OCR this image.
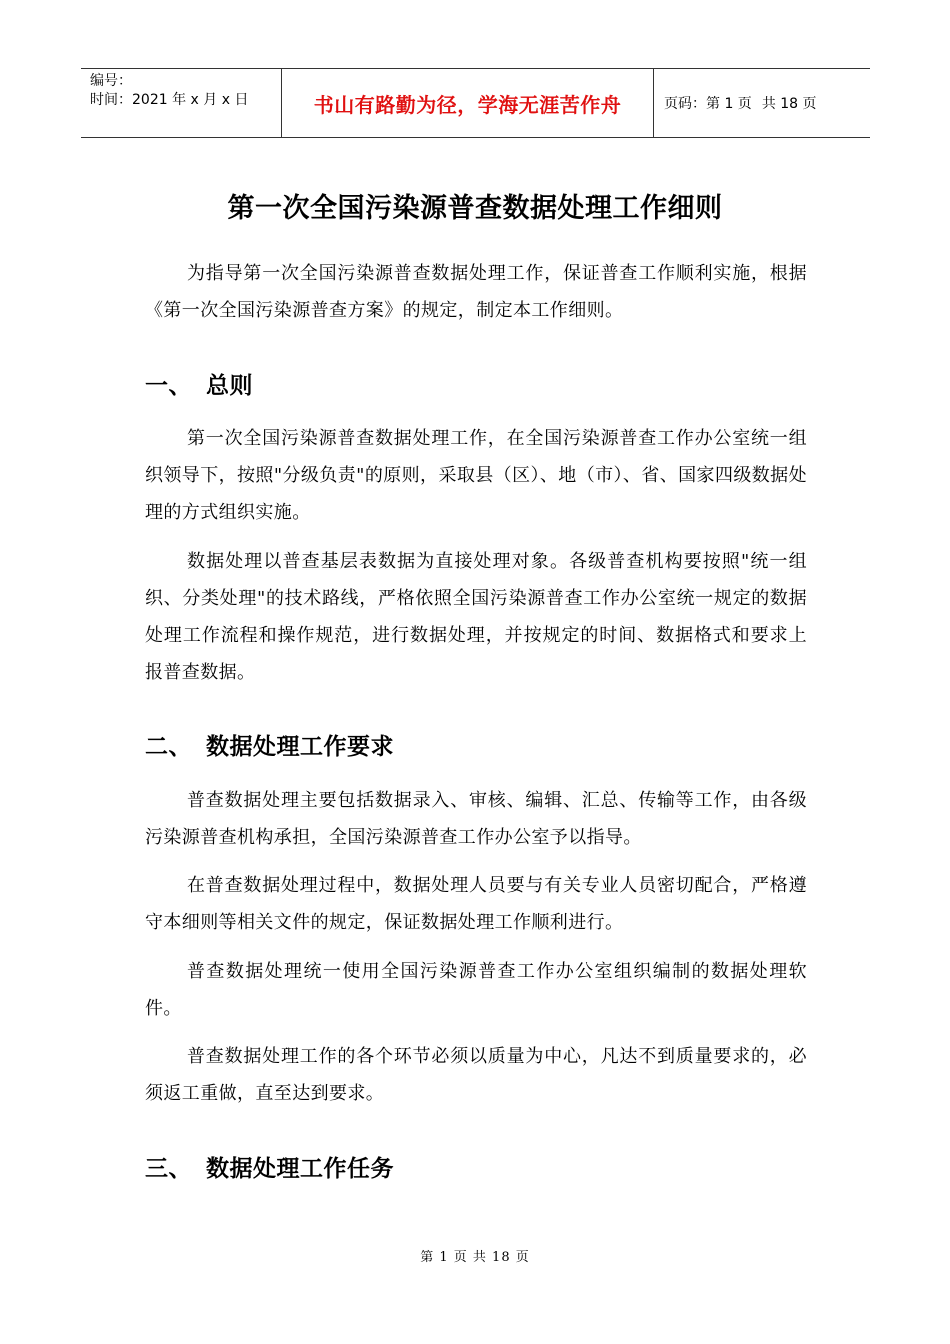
编号：
时间：2021 年 x 月 x 日	书山有路勤为径，学海无涯苦作舟	页码：第 1 页 共 18 页
第一次全国污染源普查数据处理工作细则

为指导第一次全国污染源普查数据处理工作，保证普查工作顺利实施，根据《第一次全国污染源普查方案》的规定，制定本工作细则。

一、 总则

第一次全国污染源普查数据处理工作，在全国污染源普查工作办公室统一组织领导下，按照"分级负责"的原则，采取县（区）、地（市）、省、国家四级数据处理的方式组织实施。

数据处理以普查基层表数据为直接处理对象。各级普查机构要按照"统一组织、分类处理"的技术路线，严格依照全国污染源普查工作办公室统一规定的数据处理工作流程和操作规范，进行数据处理，并按规定的时间、数据格式和要求上报普查数据。

二、 数据处理工作要求

普查数据处理主要包括数据录入、审核、编辑、汇总、传输等工作，由各级污染源普查机构承担，全国污染源普查工作办公室予以指导。

在普查数据处理过程中，数据处理人员要与有关专业人员密切配合，严格遵守本细则等相关文件的规定，保证数据处理工作顺利进行。

普查数据处理统一使用全国污染源普查工作办公室组织编制的数据处理软件。

普查数据处理工作的各个环节必须以质量为中心，凡达不到质量要求的，必须返工重做，直至达到要求。

三、 数据处理工作任务
第 1 页 共 18 页
